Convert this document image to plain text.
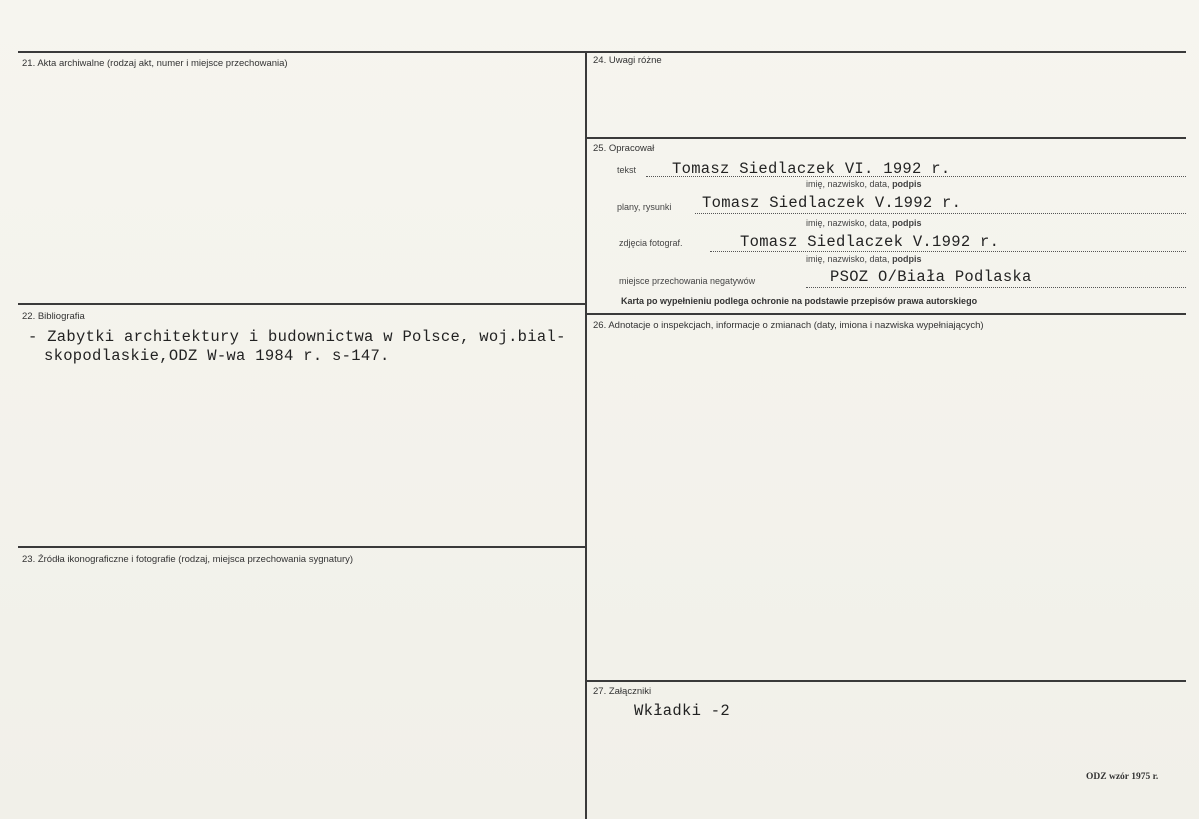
21. Akta archiwalne (rodzaj akt, numer i miejsce przechowania)
22. Bibliografia
- Zabytki architektury i budownictwa w Polsce, woj.bial-
skopodlaskie,ODZ W-wa 1984 r. s-147.
23. Źródła ikonograficzne i fotografie (rodzaj, miejsca przechowania sygnatury)
24. Uwagi różne
25. Opracował
tekst Tomasz Siedlaczek VI. 1992 r.
imię, nazwisko, data, podpis
plany, rysunki Tomasz Siedlaczek V.1992 r.
imię, nazwisko, data, podpis
zdjęcia fotograf.	Tomasz Siedlaczek V.1992 r.
imię, nazwisko, data, podpis
miejsce przechowania negatywów	PSOZ O/Biała Podlaska
Karta po wypełnieniu podlega ochronie na podstawie przepisów prawa autorskiego
26. Adnotacje o inspekcjach, informacje o zmianach (daty, imiona i nazwiska wypełniających)
27. Załączniki
Wkładki -2
ODZ wzór 1975 r.
